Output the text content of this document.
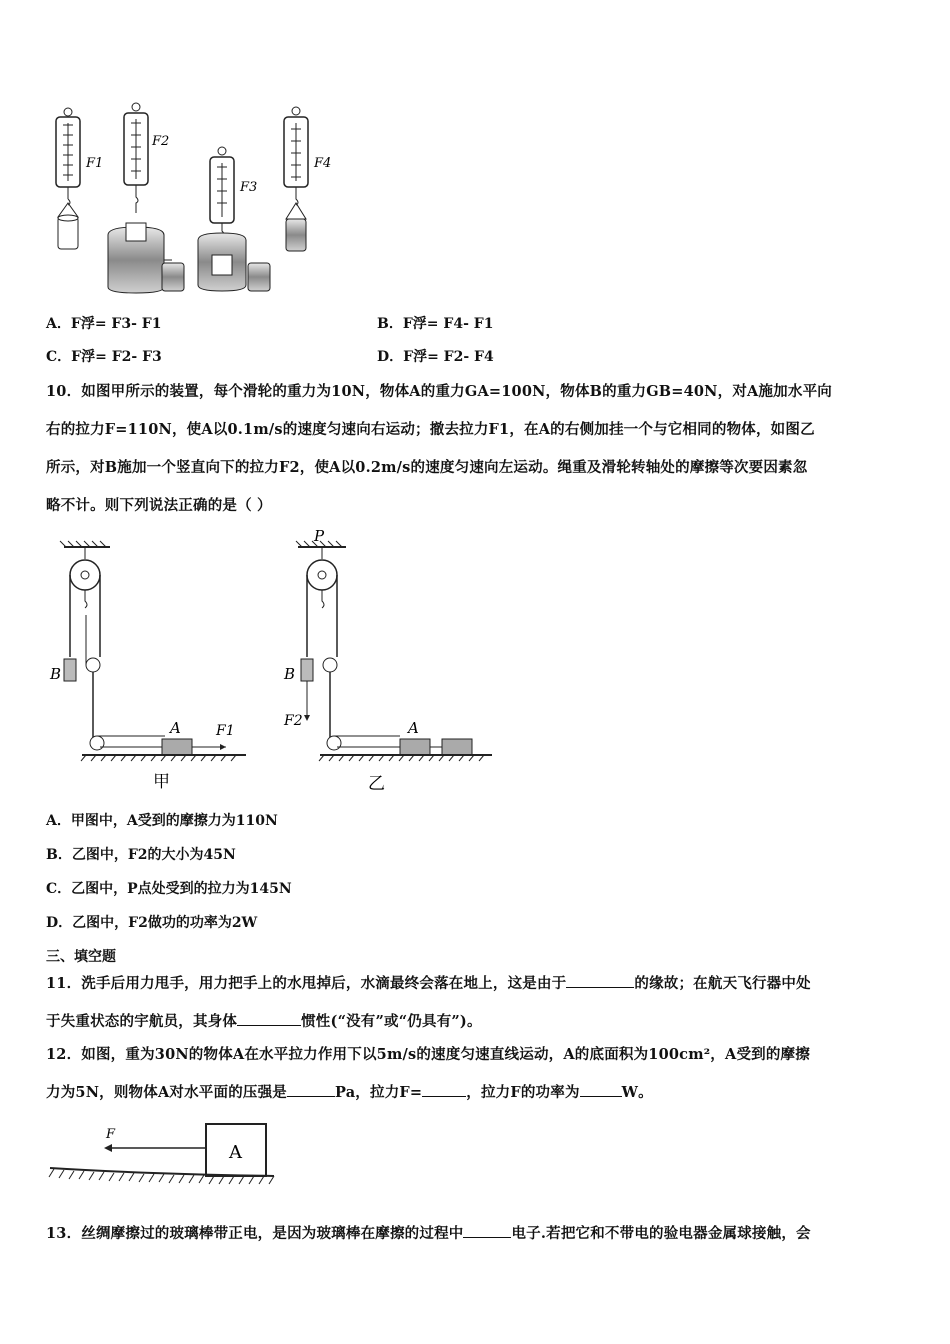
F1
F2
F3
F4
A．F浮= F3- F1	B．F浮= F4- F1
C．F浮= F2- F3	D．F浮= F2- F4
10．如图甲所示的装置，每个滑轮的重力为10N，物体A的重力GA=100N，物体B的重力GB=40N，对A施加水平向
右的拉力F=110N，使A以0.1m/s的速度匀速向右运动；撤去拉力F1，在A的右侧加挂一个与它相同的物体，如图乙
所示，对B施加一个竖直向下的拉力F2，使A以0.2m/s的速度匀速向左运动。绳重及滑轮转轴处的摩擦等次要因素忽
略不计。则下列说法正确的是（ ）
B
A	F1
甲
P
B
F2	A
乙
A．甲图中，A受到的摩擦力为110N
B．乙图中，F2的大小为45N
C．乙图中，P点处受到的拉力为145N
D．乙图中，F2做功的功率为2W
三、填空题
11．洗手后用力甩手，用力把手上的水甩掉后，水滴最终会落在地上，这是由于	的缘故；在航天飞行器中处
于失重状态的宇航员，其身体	惯性(“没有”或“仍具有”)。
12．如图，重为30N的物体A在水平拉力作用下以5m/s的速度匀速直线运动，A的底面积为100cm²，A受到的摩擦
力为5N，则物体A对水平面的压强是	Pa，拉力F=	，拉力F的功率为	W。
A
F
13．丝绸摩擦过的玻璃棒带正电，是因为玻璃棒在摩擦的过程中	电子.若把它和不带电的验电器金属球接触，会
